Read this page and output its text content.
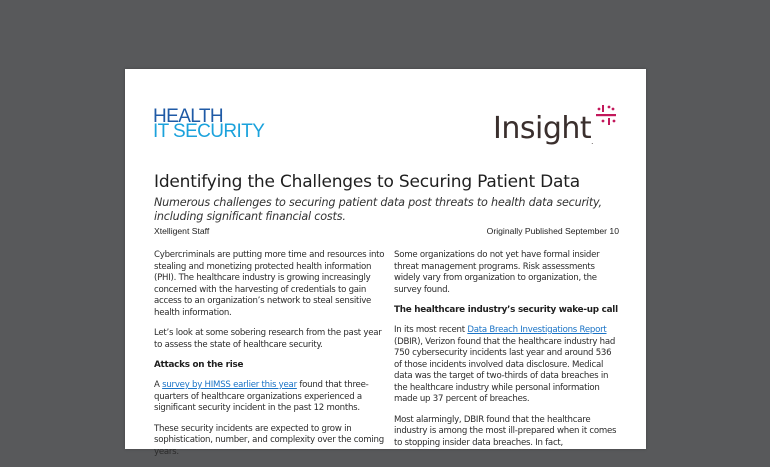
HEALTH
IT SECURITY	Insight .
Identifying the Challenges to Securing Patient Data
Numerous challenges to securing patient data post threats to health data security, including significant financial costs.
Xtelligent Staff	Originally Published September 10

Cybercriminals are putting more time and resources into stealing and monetizing protected health information (PHI). The healthcare industry is growing increasingly concerned with the harvesting of credentials to gain access to an organization’s network to steal sensitive health information.

Let’s look at some sobering research from the past year to assess the state of healthcare security.

Attacks on the rise

A survey by HIMSS earlier this year found that three-quarters of healthcare organizations experienced a significant security incident in the past 12 months.

These security incidents are expected to grow in sophistication, number, and complexity over the coming years.

Some organizations do not yet have formal insider threat management programs. Risk assessments widely vary from organization to organization, the survey found.

The healthcare industry’s security wake-up call

In its most recent Data Breach Investigations Report (DBIR), Verizon found that the healthcare industry had 750 cybersecurity incidents last year and around 536 of those incidents involved data disclosure. Medical data was the target of two-thirds of data breaches in the healthcare industry while personal information made up 37 percent of breaches.

Most alarmingly, DBIR found that the healthcare industry is among the most ill-prepared when it comes to stopping insider data breaches. In fact,
